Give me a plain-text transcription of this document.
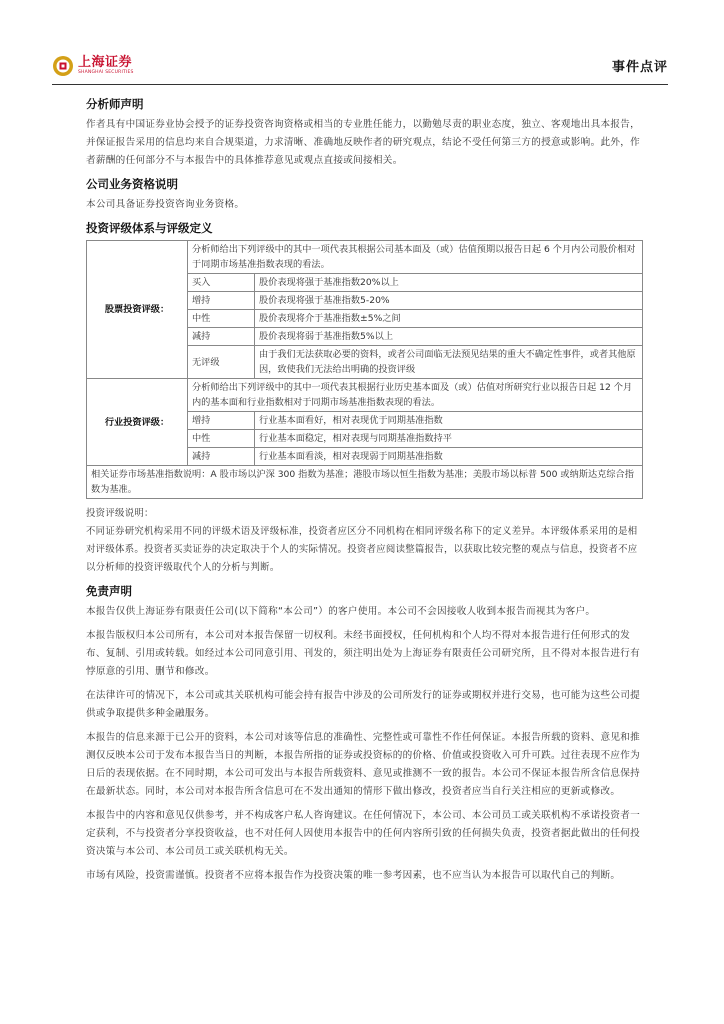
上海证券
SHANGHAI SECURITIES	事件点评
分析师声明

作者具有中国证券业协会授予的证券投资咨询资格或相当的专业胜任能力，以勤勉尽责的职业态度，独立、客观地出具本报告，并保证报告采用的信息均来自合规渠道，力求清晰、准确地反映作者的研究观点，结论不受任何第三方的授意或影响。此外，作者薪酬的任何部分不与本报告中的具体推荐意见或观点直接或间接相关。

公司业务资格说明

本公司具备证券投资咨询业务资格。

投资评级体系与评级定义
股票投资评级：	分析师给出下列评级中的其中一项代表其根据公司基本面及（或）估值预期以报告日起 6 个月内公司股价相对于同期市场基准指数表现的看法。	
	买入	股价表现将强于基准指数20%以上
	增持	股价表现将强于基准指数5-20%
	中性	股价表现将介于基准指数±5%之间
	减持	股价表现将弱于基准指数5%以上
	无评级	由于我们无法获取必要的资料，或者公司面临无法预见结果的重大不确定性事件，或者其他原因，致使我们无法给出明确的投资评级
行业投资评级：	分析师给出下列评级中的其中一项代表其根据行业历史基本面及（或）估值对所研究行业以报告日起 12 个月内的基本面和行业指数相对于同期市场基准指数表现的看法。	
	增持	行业基本面看好，相对表现优于同期基准指数
	中性	行业基本面稳定，相对表现与同期基准指数持平
	减持	行业基本面看淡，相对表现弱于同期基准指数
相关证券市场基准指数说明：A 股市场以沪深 300 指数为基准；港股市场以恒生指数为基准；美股市场以标普 500 或纳斯达克综合指数为基准。		

投资评级说明：

不同证券研究机构采用不同的评级术语及评级标准，投资者应区分不同机构在相同评级名称下的定义差异。本评级体系采用的是相对评级体系。投资者买卖证券的决定取决于个人的实际情况。投资者应阅读整篇报告，以获取比较完整的观点与信息，投资者不应以分析师的投资评级取代个人的分析与判断。

免责声明

本报告仅供上海证券有限责任公司(以下简称“本公司”）的客户使用。本公司不会因接收人收到本报告而视其为客户。

本报告版权归本公司所有，本公司对本报告保留一切权利。未经书面授权，任何机构和个人均不得对本报告进行任何形式的发布、复制、引用或转载。如经过本公司同意引用、刊发的，须注明出处为上海证券有限责任公司研究所，且不得对本报告进行有悖原意的引用、删节和修改。

在法律许可的情况下，本公司或其关联机构可能会持有报告中涉及的公司所发行的证券或期权并进行交易，也可能为这些公司提供或争取提供多种金融服务。

本报告的信息来源于已公开的资料，本公司对该等信息的准确性、完整性或可靠性不作任何保证。本报告所载的资料、意见和推测仅反映本公司于发布本报告当日的判断，本报告所指的证券或投资标的的价格、价值或投资收入可升可跌。过往表现不应作为日后的表现依据。在不同时期，本公司可发出与本报告所载资料、意见或推测不一致的报告。本公司不保证本报告所含信息保持在最新状态。同时，本公司对本报告所含信息可在不发出通知的情形下做出修改，投资者应当自行关注相应的更新或修改。

本报告中的内容和意见仅供参考，并不构成客户私人咨询建议。在任何情况下，本公司、本公司员工或关联机构不承诺投资者一定获利，不与投资者分享投资收益，也不对任何人因使用本报告中的任何内容所引致的任何损失负责，投资者据此做出的任何投资决策与本公司、本公司员工或关联机构无关。

市场有风险，投资需谨慎。投资者不应将本报告作为投资决策的唯一参考因素，也不应当认为本报告可以取代自己的判断。
